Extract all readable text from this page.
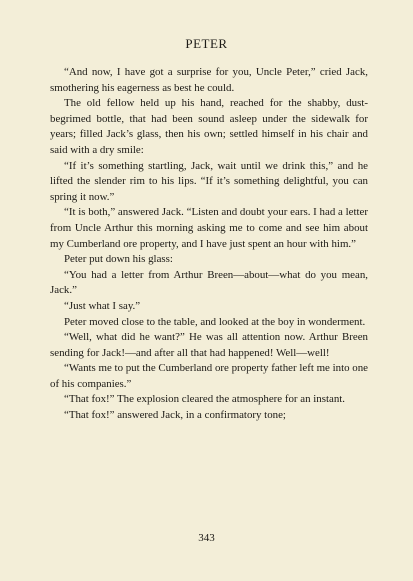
PETER

“And now, I have got a surprise for you, Uncle Peter,” cried Jack, smothering his eagerness as best he could.

The old fellow held up his hand, reached for the shabby, dust-begrimed bottle, that had been sound asleep under the sidewalk for years; filled Jack’s glass, then his own; settled himself in his chair and said with a dry smile:

“If it’s something startling, Jack, wait until we drink this,” and he lifted the slender rim to his lips. “If it’s something delightful, you can spring it now.”

“It is both,” answered Jack. “Listen and doubt your ears. I had a letter from Uncle Arthur this morning asking me to come and see him about my Cumberland ore property, and I have just spent an hour with him.”

Peter put down his glass:

“You had a letter from Arthur Breen—about—what do you mean, Jack.”

“Just what I say.”

Peter moved close to the table, and looked at the boy in wonderment.

“Well, what did he want?” He was all attention now. Arthur Breen sending for Jack!—and after all that had happened! Well—well!

“Wants me to put the Cumberland ore property father left me into one of his companies.”

“That fox!” The explosion cleared the atmosphere for an instant.

“That fox!” answered Jack, in a confirmatory tone;

343
